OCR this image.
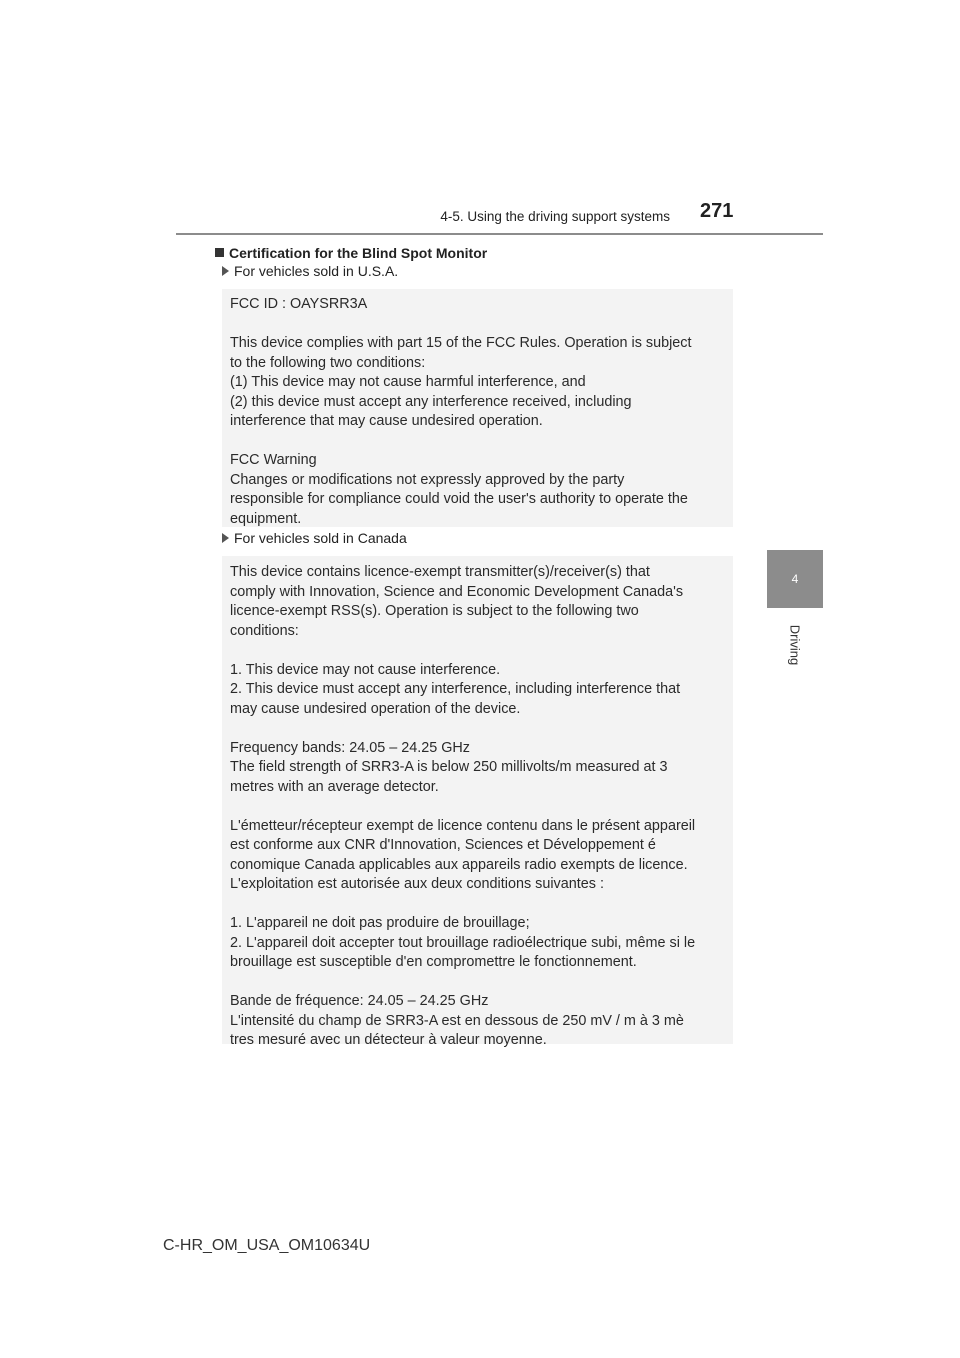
4-5. Using the driving support systems 271
4
Driving
Certification for the Blind Spot Monitor
For vehicles sold in U.S.A.

FCC ID : OAYSRR3A

This device complies with part 15 of the FCC Rules. Operation is subject

to the following two conditions:

(1) This device may not cause harmful interference, and

(2) this device must accept any interference received, including

interference that may cause undesired operation.

FCC Warning

Changes or modifications not expressly approved by the party

responsible for compliance could void the user's authority to operate the

equipment.

For vehicles sold in Canada

This device contains licence-exempt transmitter(s)/receiver(s) that

comply with Innovation, Science and Economic Development Canada's

licence-exempt RSS(s). Operation is subject to the following two

conditions:

1. This device may not cause interference.

2. This device must accept any interference, including interference that

may cause undesired operation of the device.

Frequency bands: 24.05 – 24.25 GHz

The field strength of SRR3-A is below 250 millivolts/m measured at 3

metres with an average detector.

L'émetteur/récepteur exempt de licence contenu dans le présent appareil

est conforme aux CNR d'Innovation, Sciences et Développement é

conomique Canada applicables aux appareils radio exempts de licence.

L'exploitation est autorisée aux deux conditions suivantes :

1. L'appareil ne doit pas produire de brouillage;

2. L'appareil doit accepter tout brouillage radioélectrique subi, même si le

brouillage est susceptible d'en compromettre le fonctionnement.

Bande de fréquence: 24.05 – 24.25 GHz

L'intensité du champ de SRR3-A est en dessous de 250 mV / m à 3 mè

tres mesuré avec un détecteur à valeur moyenne.

C-HR_OM_USA_OM10634U
